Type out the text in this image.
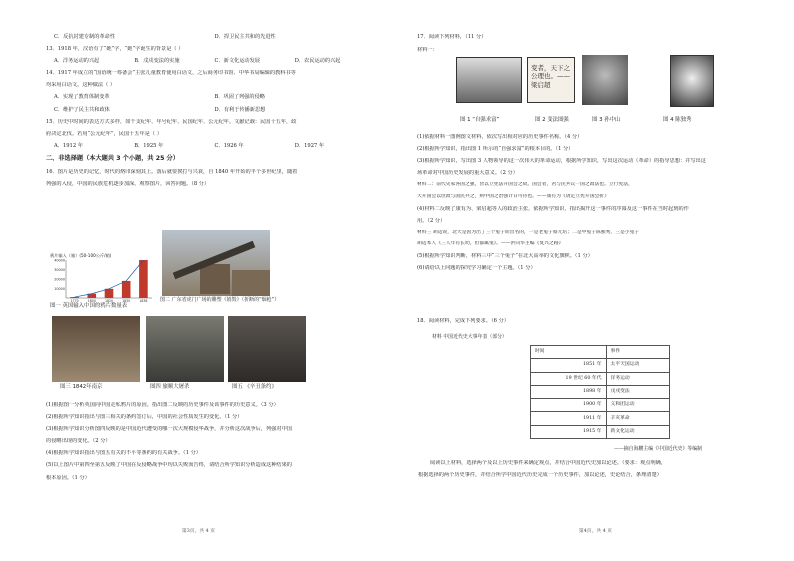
C．反抗封建专制的革命性	D．捍卫民主共和的先进性
13．1918 年，汉语有了“她”字，“她”字诞生的背景是（ ）
A．洋务运动的兴起	B．戊戌变法的实施	C．新文化运动发展	D．农民运动的兴起
14．1917 年成立的“国语统一筹备会”主张儿童教育使用白话文，之后商务印书馆、中华书局编辑的教科书等
均采用白话文。这种做法（ ）
A．实现了教育体制变革	B．巩固了列强的侵略
C．维护了民主共和政体	D．有利于传播新思想
15．历史中时间的表达方式多样，如干支纪年、年号纪年、民国纪年、公元纪年。文献记载：民国十五年，政
府决定北伐。若用“公元纪年”，民国十五年是（ ）
A．1912 年	B．1925 年	C．1926 年	D．1927 年
二、非选择题（本大题共 3 个小题，共 25 分）
16．图片是历史的记忆，时代的烙印深刻其上。落后就要挨打与兴衰，自 1840 年开始的半个多世纪里，随着
列强的入侵，中国的民族危机逐步加深。观察图片，回答问题。（8 分）
鸦片输入（箱）(50-100公斤/箱)
40000
30000
20000
10000
1770	1800	1820	1830	1838
图一 英国输入中国的鸦片数量表
图二 广东省虎门广场的雕塑《销毁》（折断的“烟枪”）
图三 1842年南京	图四 旅顺大屠杀	图五 《辛丑条约》
(1)根据图一分析英国向中国走私鸦片的原因。指出图二反映的历史事件及该事件的历史意义。（3 分）
(2)根据所学知识指出与图三相关的条约签订后，中国的社会性质发生的变化。（1 分）
(3)根据所学知识分析图四反映的是中国近代遭受的哪一次大规模侵华战争，并分析这次战争后，列强对中国
的侵略出现的变化。（2 分）
(4)根据所学知识指出与图五有关的不平等条约的有关战争。（1 分）
(5)以上图片中第四至第五反映了中国在反侵略战争中均以失败而告终，请结合所学知识分析造成这种结果的
根本原因。（1 分）
第3页，共 4 页
17．阅读下列材料，（11 分）
材料一：
变者，天下之公理也。——梁启超
图 1 “自强求富”	图 2 变法图强	图 3 孙中山	图 4 陈独秀
(1)依据材料一图例图文材料，依次写出相对应的历史事件名称。（4 分）
(2)根据所学知识，指出图 1 所示的“自强求富”的根本目的。（1 分）
(3)根据所学知识，写出图 3 人物领导的这一次伟大的革命运动，根据所学知识，写出这次运动（革命）的指导思想：并写出这
场革命对中国历史发展的重大意义。（2 分）
材料二：前代史家各国之强，皆以立宪法开国会之故。国会者，君与民共议一国之政法也。立行宪法，
大开国会以庶政与国民共之，则中国之治强计日可待也。——康有为《请定立宪开国会折》
(4)材料二反映了康有为、梁启超等人的政治主张，依据所学知识，指出揭开这一事件的序幕及这一事件在当时起到的作
用。（2 分）
材料三 胡适说，北大是因为出了三个兔子而出名的，一是老兔子蔡元培；二是中兔子陈独秀，三是小兔子
胡适本人《三人年有长幼，但都属兔》。——洪向华主编《复兴之路》
(5)根据所学知识判断，材料三中“三个兔子”在北大高举的文化旗帜。（1 分）
(6)请给以上问题的探究学习确定一个主题。（1 分）
18．阅读材料，完成下列要求。（6 分）
材料 中国近代史大事年表（部分）
时间	事件
1851 年	太平天国运动
19 世纪 60 年代	洋务运动
1898 年	戊戌变法
1900 年	义和团运动
1911 年	辛亥革命
1915 年	新文化运动
——摘自海鹏主编《中国近代史》等编制
阅读以上材料，选择两个及以上历史事件来确定观点，并结合中国近代史加以论述。（要求：观点明确，
根据选择的两个历史事件，并结合所学中国近代历史完成一个历史事件，加以论述，史论结合，条理清楚）
第4页，共 4 页
